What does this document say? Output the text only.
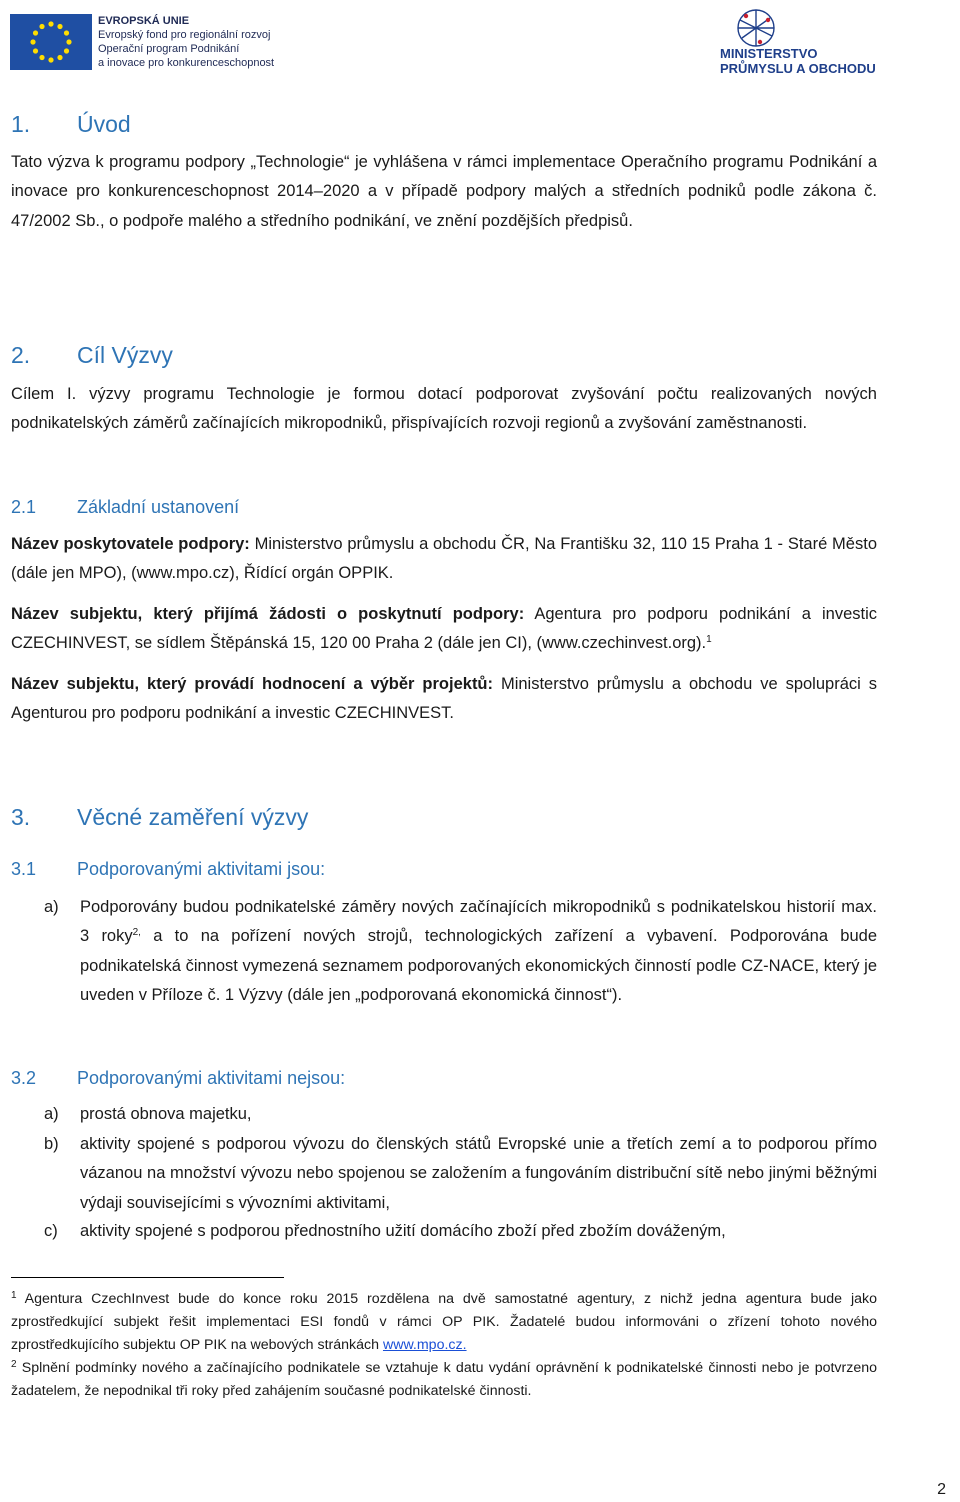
EVROPSKÁ UNIE
Evropský fond pro regionální rozvoj
Operační program Podnikání
a inovace pro konkurenceschopnost
MINISTERSTVO
PRŮMYSLU A OBCHODU
1. Úvod
Tato výzva k programu podpory „Technologie“ je vyhlášena v rámci implementace Operačního programu Podnikání a inovace pro konkurenceschopnost 2014–2020 a v případě podpory malých a středních podniků podle zákona č. 47/2002 Sb., o podpoře malého a středního podnikání, ve znění pozdějších předpisů.
2. Cíl Výzvy
Cílem I. výzvy programu Technologie je formou dotací podporovat zvyšování počtu realizovaných nových podnikatelských záměrů začínajících mikropodniků, přispívajících rozvoji regionů a zvyšování zaměstnanosti.
2.1 Základní ustanovení
Název poskytovatele podpory: Ministerstvo průmyslu a obchodu ČR, Na Františku 32, 110 15 Praha 1 - Staré Město (dále jen MPO), (www.mpo.cz), Řídící orgán OPPIK.
Název subjektu, který přijímá žádosti o poskytnutí podpory: Agentura pro podporu podnikání a investic CZECHINVEST, se sídlem Štěpánská 15, 120 00 Praha 2 (dále jen CI), (www.czechinvest.org).$^1$
Název subjektu, který provádí hodnocení a výběr projektů: Ministerstvo průmyslu a obchodu ve spolupráci s Agenturou pro podporu podnikání a investic CZECHINVEST.
3. Věcné zaměření výzvy
3.1 Podporovanými aktivitami jsou:
a)	Podporovány budou podnikatelské záměry nových začínajících mikropodniků s podnikatelskou historií max. 3 roky$^{2,}$ a to na pořízení nových strojů, technologických zařízení a vybavení. Podporována bude podnikatelská činnost vymezená seznamem podporovaných ekonomických činností podle CZ-NACE, který je uveden v Příloze č. 1 Výzvy (dále jen „podporovaná ekonomická činnost“).
3.2 Podporovanými aktivitami nejsou:
a)	prostá obnova majetku,
b)	aktivity spojené s podporou vývozu do členských států Evropské unie a třetích zemí a to podporou přímo vázanou na množství vývozu nebo spojenou se založením a fungováním distribuční sítě nebo jinými běžnými výdaji souvisejícími s vývozními aktivitami,
c)	aktivity spojené s podporou přednostního užití domácího zboží před zbožím dováženým,
$^1$ Agentura CzechInvest bude do konce roku 2015 rozdělena na dvě samostatné agentury, z nichž jedna agentura bude jako zprostředkující subjekt řešit implementaci ESI fondů v rámci OP PIK. Žadatelé budou informováni o zřízení tohoto nového zprostředkujícího subjektu OP PIK na webových stránkách www.mpo.cz.
$^2$ Splnění podmínky nového a začínajícího podnikatele se vztahuje k datu vydání oprávnění k podnikatelské činnosti nebo je potvrzeno žadatelem, že nepodnikal tři roky před zahájením současné podnikatelské činnosti.
2
